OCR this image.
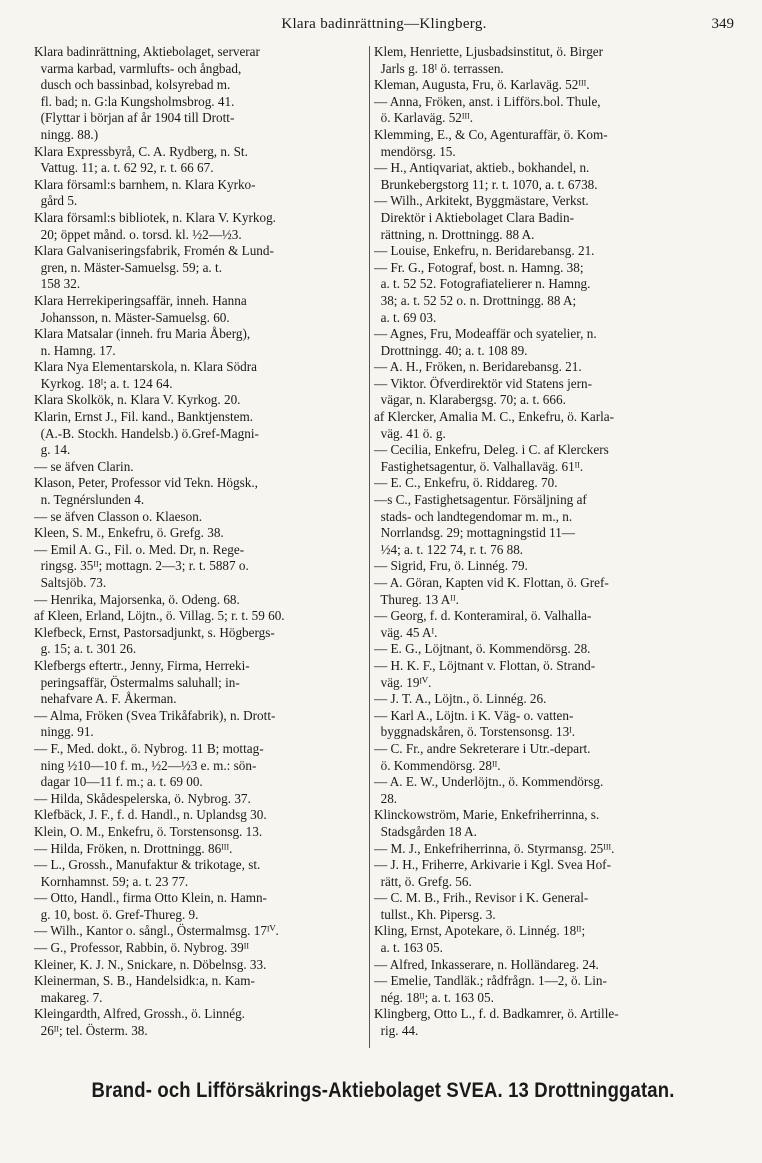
Klara badinrättning—Klingberg.	349
Klara badinrättning, Aktiebolaget, serverar
varma karbad, varmlufts- och ångbad,
dusch och bassinbad, kolsyrebad m.
fl. bad; n. G:la Kungsholmsbrog. 41.
(Flyttar i början af år 1904 till Drott-
ningg. 88.)
Klara Expressbyrå, C. A. Rydberg, n. St.
Vattug. 11; a. t. 62 92, r. t. 66 67.
Klara församl:s barnhem, n. Klara Kyrko-
gård 5.
Klara församl:s bibliotek, n. Klara V. Kyrkog.
20; öppet månd. o. torsd. kl. ½2—½3.
Klara Galvaniseringsfabrik, Fromén & Lund-
gren, n. Mäster-Samuelsg. 59; a. t.
158 32.
Klara Herrekiperingsaffär, inneh. Hanna
Johansson, n. Mäster-Samuelsg. 60.
Klara Matsalar (inneh. fru Maria Åberg),
n. Hamng. 17.
Klara Nya Elementarskola, n. Klara Södra
Kyrkog. 18ᴵ; a. t. 124 64.
Klara Skolkök, n. Klara V. Kyrkog. 20.
Klarin, Ernst J., Fil. kand., Banktjenstem.
(A.-B. Stockh. Handelsb.) ö.Gref-Magni-
g. 14.
— se äfven Clarin.
Klason, Peter, Professor vid Tekn. Högsk.,
n. Tegnérslunden 4.
— se äfven Classon o. Klaeson.
Kleen, S. M., Enkefru, ö. Grefg. 38.
— Emil A. G., Fil. o. Med. Dr, n. Rege-
ringsg. 35ᴵᴵ; mottagn. 2—3; r. t. 5887 o.
Saltsjöb. 73.
— Henrika, Majorsenka, ö. Odeng. 68.
af Kleen, Erland, Löjtn., ö. Villag. 5; r. t. 59 60.
Klefbeck, Ernst, Pastorsadjunkt, s. Högbergs-
g. 15; a. t. 301 26.
Klefbergs eftertr., Jenny, Firma, Herreki-
peringsaffär, Östermalms saluhall; in-
nehafvare A. F. Åkerman.
— Alma, Fröken (Svea Trikåfabrik), n. Drott-
ningg. 91.
— F., Med. dokt., ö. Nybrog. 11 B; mottag-
ning ½10—10 f. m., ½2—½3 e. m.: sön-
dagar 10—11 f. m.; a. t. 69 00.
— Hilda, Skådespelerska, ö. Nybrog. 37.
Klefbäck, J. F., f. d. Handl., n. Uplandsg 30.
Klein, O. M., Enkefru, ö. Torstensonsg. 13.
— Hilda, Fröken, n. Drottningg. 86ᴵᴵᴵ.
— L., Grossh., Manufaktur & trikotage, st.
Kornhamnst. 59; a. t. 23 77.
— Otto, Handl., firma Otto Klein, n. Hamn-
g. 10, bost. ö. Gref-Thureg. 9.
— Wilh., Kantor o. sångl., Östermalmsg. 17ᴵⱽ.
— G., Professor, Rabbin, ö. Nybrog. 39ᴵᴵ
Kleiner, K. J. N., Snickare, n. Döbelnsg. 33.
Kleinerman, S. B., Handelsidk:a, n. Kam-
makareg. 7.
Kleingardth, Alfred, Grossh., ö. Linnég.
26ᴵᴵ; tel. Österm. 38.
Klem, Henriette, Ljusbadsinstitut, ö. Birger
Jarls g. 18ᴵ ö. terrassen.
Kleman, Augusta, Fru, ö. Karlaväg. 52ᴵᴵᴵ.
— Anna, Fröken, anst. i Lifförs.bol. Thule,
ö. Karlaväg. 52ᴵᴵᴵ.
Klemming, E., & Co, Agenturaffär, ö. Kom-
mendörsg. 15.
— H., Antiqvariat, aktieb., bokhandel, n.
Brunkebergstorg 11; r. t. 1070, a. t. 6738.
— Wilh., Arkitekt, Byggmästare, Verkst.
Direktör i Aktiebolaget Clara Badin-
rättning, n. Drottningg. 88 A.
— Louise, Enkefru, n. Beridarebansg. 21.
— Fr. G., Fotograf, bost. n. Hamng. 38;
a. t. 52 52. Fotografiatelierer n. Hamng.
38; a. t. 52 52 o. n. Drottningg. 88 A;
a. t. 69 03.
— Agnes, Fru, Modeaffär och syatelier, n.
Drottningg. 40; a. t. 108 89.
— A. H., Fröken, n. Beridarebansg. 21.
— Viktor. Öfverdirektör vid Statens jern-
vägar, n. Klarabergsg. 70; a. t. 666.
af Klercker, Amalia M. C., Enkefru, ö. Karla-
väg. 41 ö. g.
— Cecilia, Enkefru, Deleg. i C. af Klerckers
Fastighetsagentur, ö. Valhallaväg. 61ᴵᴵ.
— E. C., Enkefru, ö. Riddareg. 70.
—s C., Fastighetsagentur. Försäljning af
stads- och landtegendomar m. m., n.
Norrlandsg. 29; mottagningstid 11—
½4; a. t. 122 74, r. t. 76 88.
— Sigrid, Fru, ö. Linnég. 79.
— A. Göran, Kapten vid K. Flottan, ö. Gref-
Thureg. 13 Aᴵᴵ.
— Georg, f. d. Konteramiral, ö. Valhalla-
väg. 45 Aᴵ.
— E. G., Löjtnant, ö. Kommendörsg. 28.
— H. K. F., Löjtnant v. Flottan, ö. Strand-
väg. 19ᴵⱽ.
— J. T. A., Löjtn., ö. Linnég. 26.
— Karl A., Löjtn. i K. Väg- o. vatten-
byggnadskåren, ö. Torstensonsg. 13ᴵ.
— C. Fr., andre Sekreterare i Utr.-depart.
ö. Kommendörsg. 28ᴵᴵ.
— A. E. W., Underlöjtn., ö. Kommendörsg.
28.
Klinckowström, Marie, Enkefriherrinna, s.
Stadsgården 18 A.
— M. J., Enkefriherrinna, ö. Styrmansg. 25ᴵᴵᴵ.
— J. H., Friherre, Arkivarie i Kgl. Svea Hof-
rätt, ö. Grefg. 56.
— C. M. B., Frih., Revisor i K. General-
tullst., Kh. Pipersg. 3.
Kling, Ernst, Apotekare, ö. Linnég. 18ᴵᴵ;
a. t. 163 05.
— Alfred, Inkasserare, n. Holländareg. 24.
— Emelie, Tandläk.; rådfrågn. 1—2, ö. Lin-
nég. 18ᴵᴵ; a. t. 163 05.
Klingberg, Otto L., f. d. Badkamrer, ö. Artille-
rig. 44.
Brand- och Lifförsäkrings-Aktiebolaget SVEA. 13 Drottninggatan.
